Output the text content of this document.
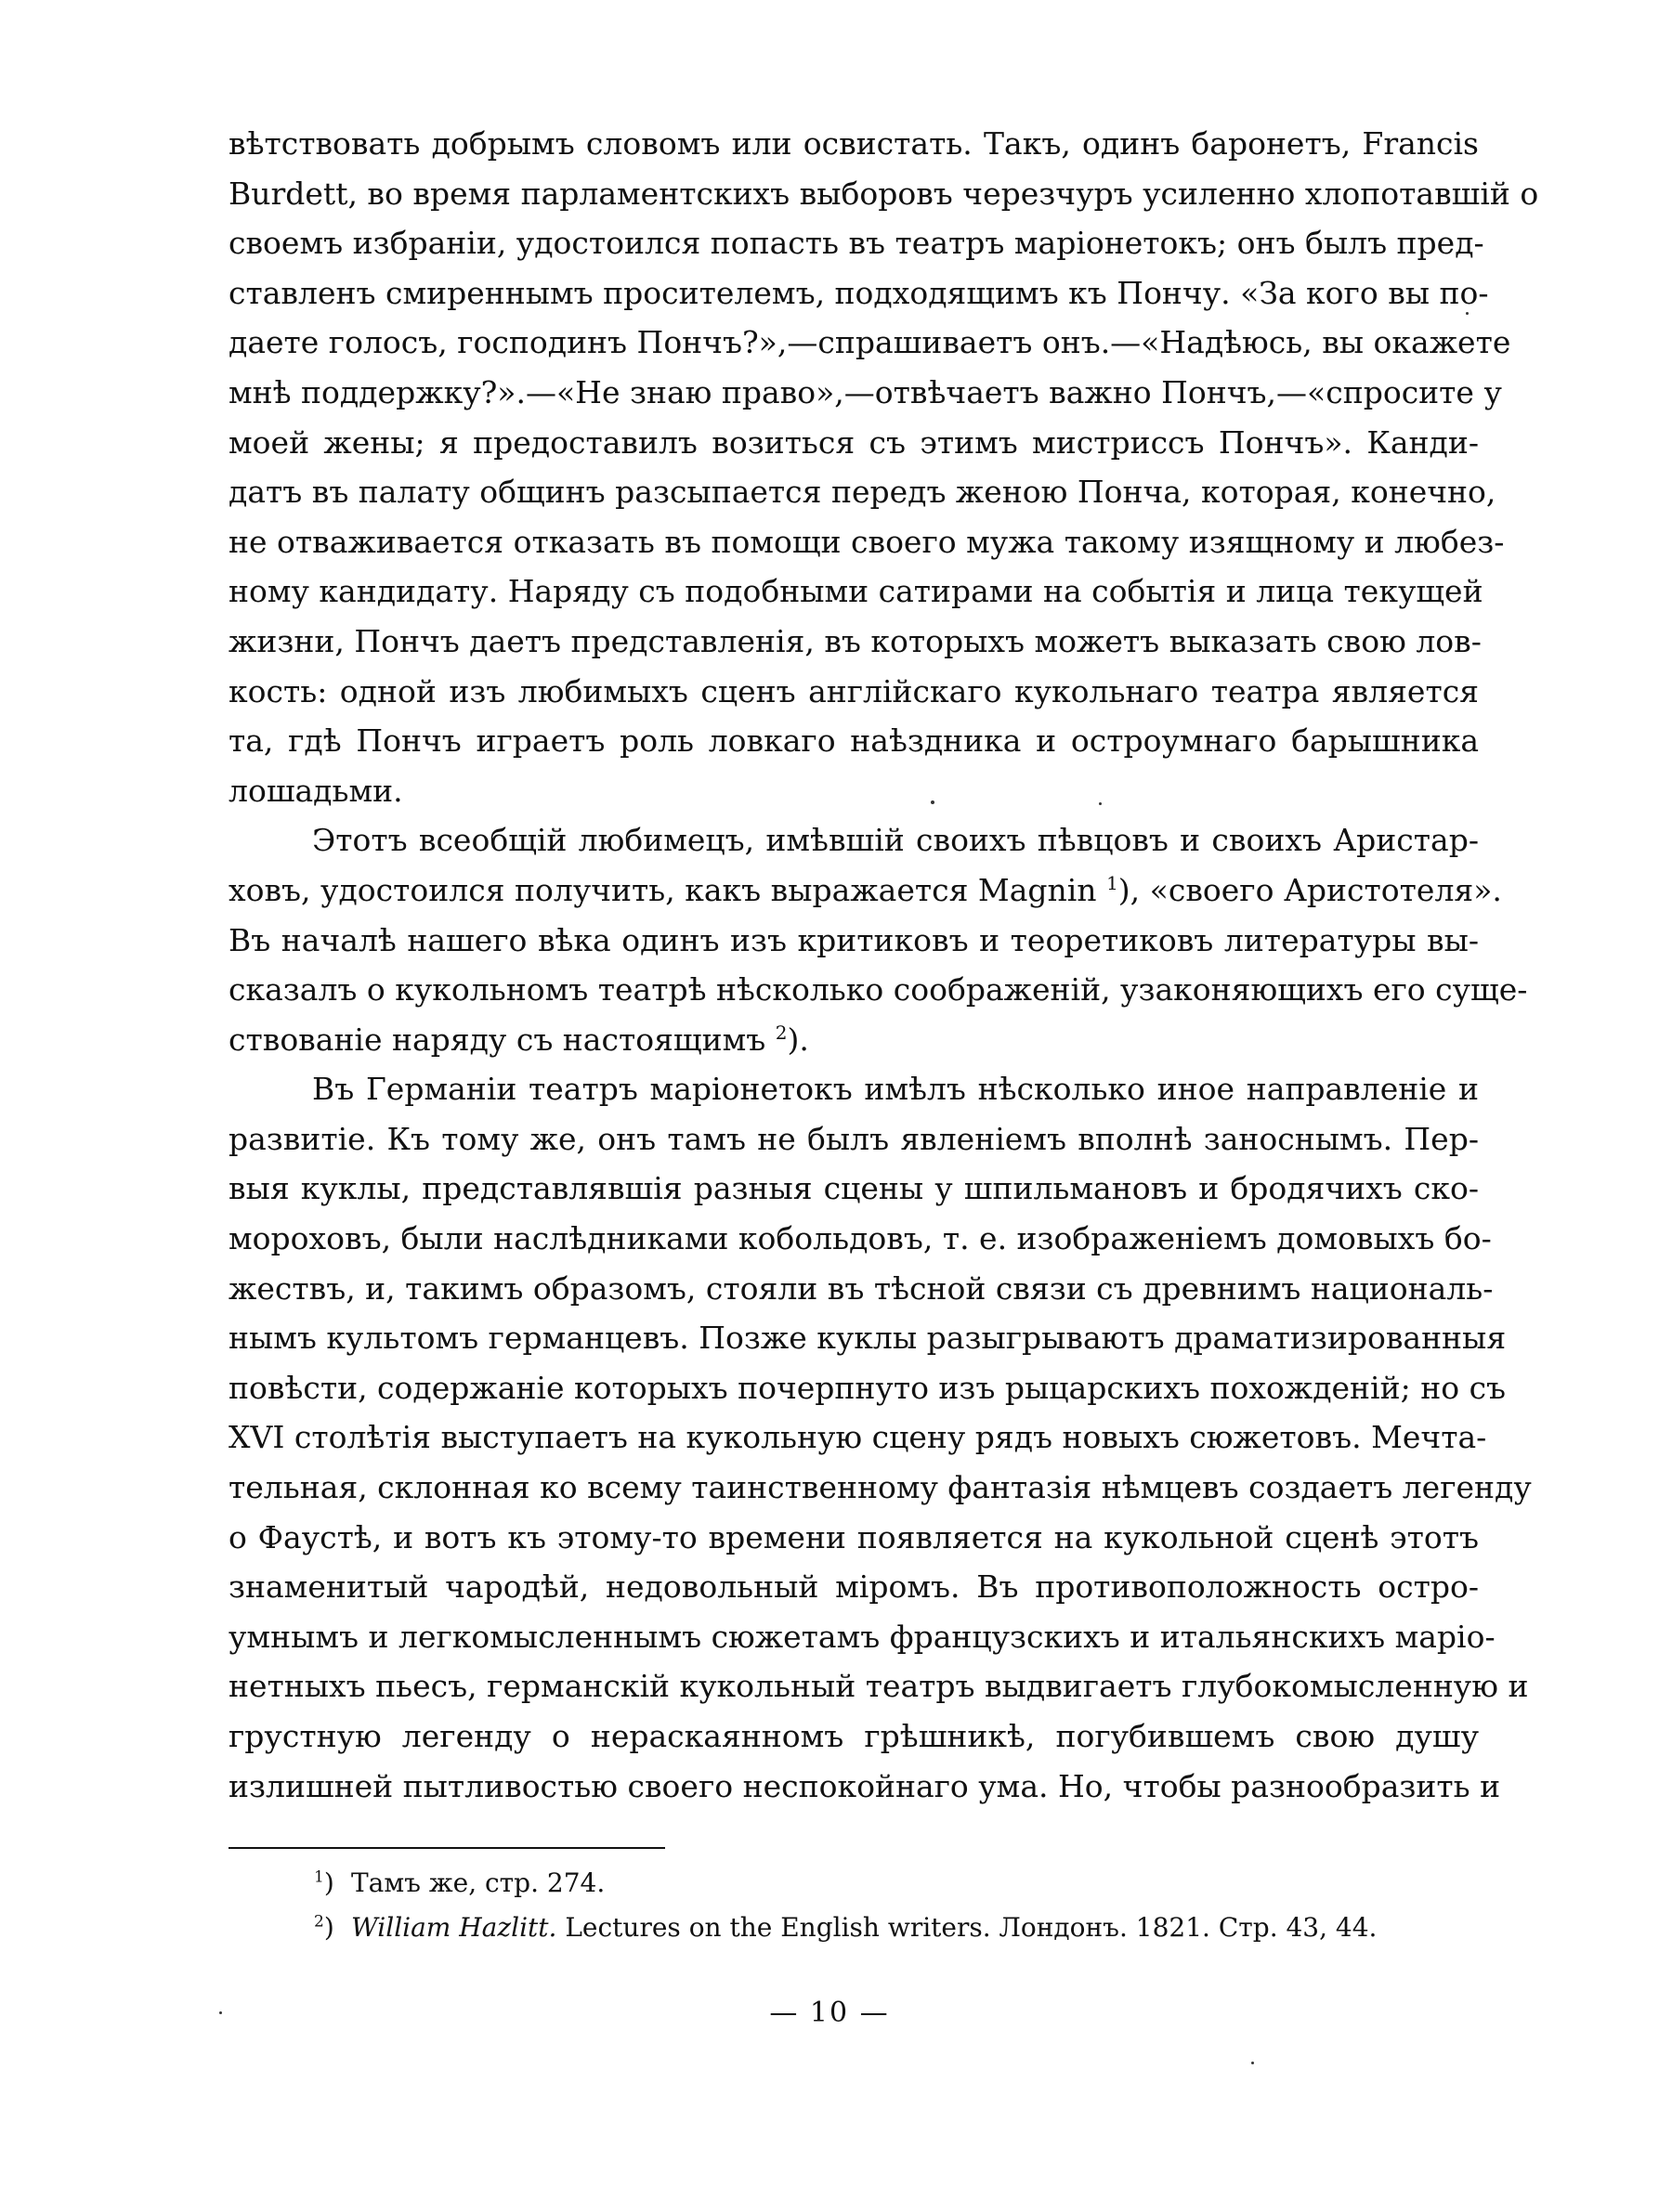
вѣтствовать добрымъ словомъ или освистать. Такъ, одинъ баронетъ, Francis
Burdett, во время парламентскихъ выборовъ черезчуръ усиленно хлопотавшій о
своемъ избраніи, удостоился попасть въ театръ маріонетокъ; онъ былъ пред-
ставленъ смиреннымъ просителемъ, подходящимъ къ Пончу. «За кого вы по-
даете голосъ, господинъ Пончъ?»,—спрашиваетъ онъ.—«Надѣюсь, вы окажете
мнѣ поддержку?».—«Не знаю право»,—отвѣчаетъ важно Пончъ,—«спросите у
моей жены; я предоставилъ возиться съ этимъ мистриссъ Пончъ». Канди-
датъ въ палату общинъ разсыпается передъ женою Понча, которая, конечно,
не отваживается отказать въ помощи своего мужа такому изящному и любез-
ному кандидату. Наряду съ подобными сатирами на событія и лица текущей
жизни, Пончъ даетъ представленія, въ которыхъ можетъ выказать свою лов-
кость: одной изъ любимыхъ сценъ англійскаго кукольнаго театра является
та, гдѣ Пончъ играетъ роль ловкаго наѣздника и остроумнаго барышника
лошадьми.
Этотъ всеобщій любимецъ, имѣвшій своихъ пѣвцовъ и своихъ Аристар-
ховъ, удостоился получить, какъ выражается Magnin $^1$), «своего Аристотеля».
Въ началѣ нашего вѣка одинъ изъ критиковъ и теоретиковъ литературы вы-
сказалъ о кукольномъ театрѣ нѣсколько соображеній, узаконяющихъ его суще-
ствованіе наряду съ настоящимъ $^2$).
Въ Германіи театръ маріонетокъ имѣлъ нѣсколько иное направленіе и
развитіе. Къ тому же, онъ тамъ не былъ явленіемъ вполнѣ заноснымъ. Пер-
выя куклы, представлявшія разныя сцены у шпильмановъ и бродячихъ ско-
мороховъ, были наслѣдниками кобольдовъ, т. е. изображеніемъ домовыхъ бо-
жествъ, и, такимъ образомъ, стояли въ тѣсной связи съ древнимъ националь-
нымъ культомъ германцевъ. Позже куклы разыгрываютъ драматизированныя
повѣсти, содержаніе которыхъ почерпнуто изъ рыцарскихъ похожденій; но съ
XVI столѣтія выступаетъ на кукольную сцену рядъ новыхъ сюжетовъ. Мечта-
тельная, склонная ко всему таинственному фантазія нѣмцевъ создаетъ легенду
о Фаустѣ, и вотъ къ этому-то времени появляется на кукольной сценѣ этотъ
знаменитый чародѣй, недовольный міромъ. Въ противоположность остро-
умнымъ и легкомысленнымъ сюжетамъ французскихъ и итальянскихъ маріо-
нетныхъ пьесъ, германскій кукольный театръ выдвигаетъ глубокомысленную и
грустную легенду о нераскаянномъ грѣшникѣ, погубившемъ свою душу
излишней пытливостью своего неспокойнаго ума. Но, чтобы разнообразить и
$^1$) Тамъ же, стр. 274.
$^2$) William Hazlitt. Lectures on the English writers. Лондонъ. 1821. Стр. 43, 44.
— 10 —
